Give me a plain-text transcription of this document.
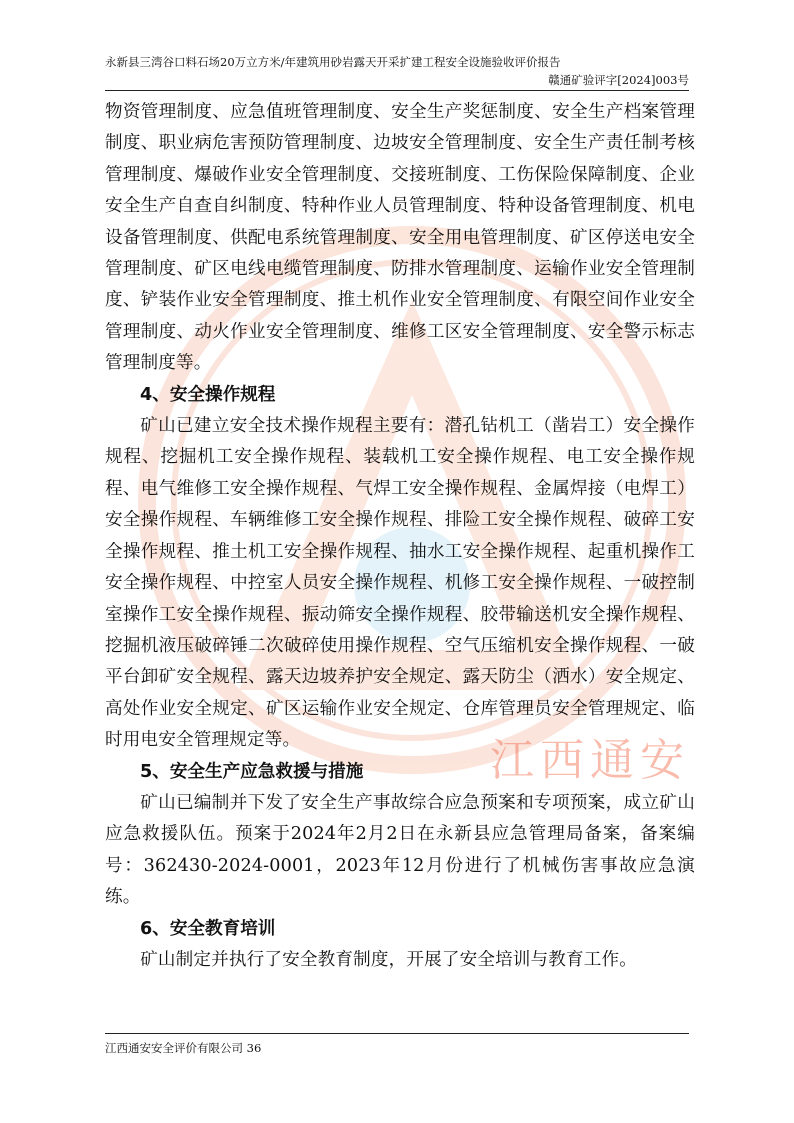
永新县三湾谷口料石场20万立方米/年建筑用砂岩露天开采扩建工程安全设施验收评价报告
赣通矿验评字[2024]003号
江西通安

物资管理制度、应急值班管理制度、安全生产奖惩制度、安全生产档案管理制度、职业病危害预防管理制度、边坡安全管理制度、安全生产责任制考核管理制度、爆破作业安全管理制度、交接班制度、工伤保险保障制度、企业安全生产自查自纠制度、特种作业人员管理制度、特种设备管理制度、机电设备管理制度、供配电系统管理制度、安全用电管理制度、矿区停送电安全管理制度、矿区电线电缆管理制度、防排水管理制度、运输作业安全管理制度、铲装作业安全管理制度、推土机作业安全管理制度、有限空间作业安全管理制度、动火作业安全管理制度、维修工区安全管理制度、安全警示标志管理制度等。

4、安全操作规程

矿山已建立安全技术操作规程主要有：潜孔钻机工（凿岩工）安全操作规程、挖掘机工安全操作规程、装载机工安全操作规程、电工安全操作规程、电气维修工安全操作规程、气焊工安全操作规程、金属焊接（电焊工）安全操作规程、车辆维修工安全操作规程、排险工安全操作规程、破碎工安全操作规程、推土机工安全操作规程、抽水工安全操作规程、起重机操作工安全操作规程、中控室人员安全操作规程、机修工安全操作规程、一破控制室操作工安全操作规程、振动筛安全操作规程、胶带输送机安全操作规程、挖掘机液压破碎锤二次破碎使用操作规程、空气压缩机安全操作规程、一破平台卸矿安全规程、露天边坡养护安全规定、露天防尘（洒水）安全规定、高处作业安全规定、矿区运输作业安全规定、仓库管理员安全管理规定、临时用电安全管理规定等。

5、安全生产应急救援与措施

矿山已编制并下发了安全生产事故综合应急预案和专项预案，成立矿山应急救援队伍。预案于2024年2月2日在永新县应急管理局备案，备案编号：362430-2024-0001，2023年12月份进行了机械伤害事故应急演练。

6、安全教育培训

矿山制定并执行了安全教育制度，开展了安全培训与教育工作。

江西通安安全评价有限公司 36
